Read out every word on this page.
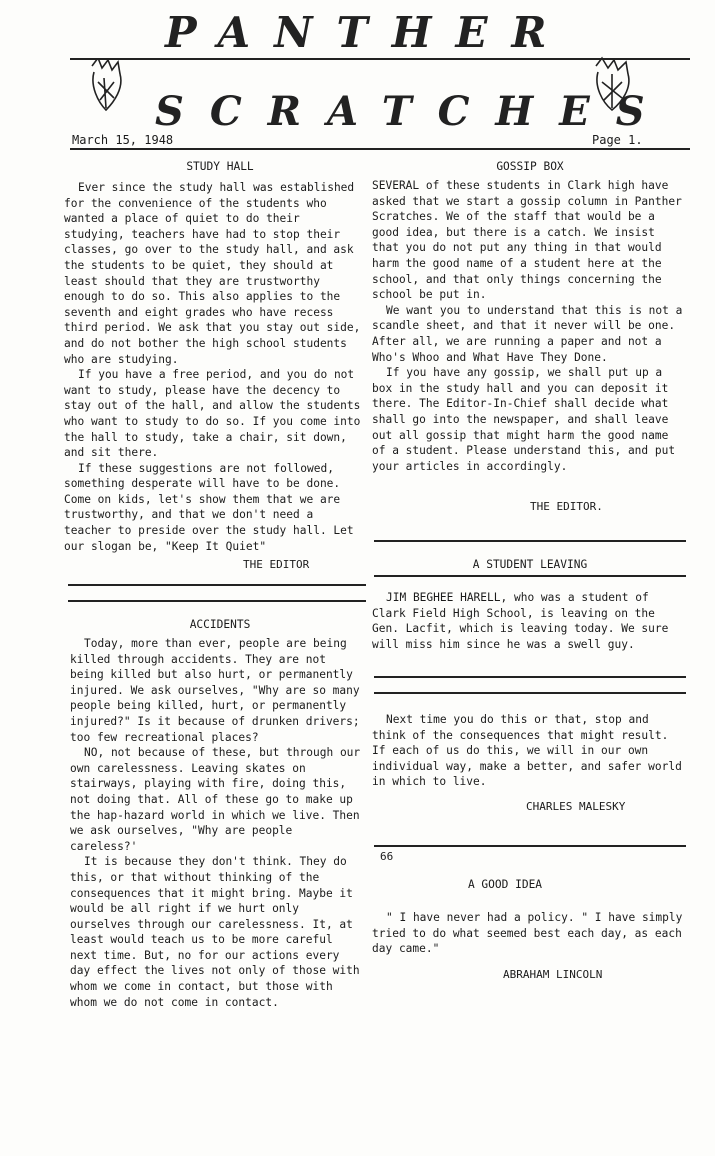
PANTHER
SCRATCHES
March 15, 1948	Page 1.
STUDY HALL

Ever since the study hall was established for the convenience of the students who wanted a place of quiet to do their studying, teachers have had to stop their classes, go over to the study hall, and ask the students to be quiet, they should at least should that they are trustworthy enough to do so. This also applies to the seventh and eight grades who have recess third period. We ask that you stay out side, and do not bother the high school students who are studying.

If you have a free period, and you do not want to study, please have the decency to stay out of the hall, and allow the students who want to study to do so. If you come into the hall to study, take a chair, sit down, and sit there.

If these suggestions are not followed, something desperate will have to be done. Come on kids, let's show them that we are trustworthy, and that we don't need a teacher to preside over the study hall. Let our slogan be, "Keep It Quiet"

THE EDITOR
ACCIDENTS

Today, more than ever, people are being killed through accidents. They are not being killed but also hurt, or permanently injured. We ask ourselves, "Why are so many people being killed, hurt, or permanently injured?" Is it because of drunken drivers; too few recreational places?

NO, not because of these, but through our own carelessness. Leaving skates on stairways, playing with fire, doing this, not doing that. All of these go to make up the hap-hazard world in which we live. Then we ask ourselves, "Why are people careless?'

It is because they don't think. They do this, or that without thinking of the consequences that it might bring. Maybe it would be all right if we hurt only ourselves through our carelessness. It, at least would teach us to be more careful next time. But, no for our actions every day effect the lives not only of those with whom we come in contact, but those with whom we do not come in contact.

GOSSIP BOX

SEVERAL of these students in Clark high have asked that we start a gossip column in Panther Scratches. We of the staff that would be a good idea, but there is a catch. We insist that you do not put any thing in that would harm the good name of a student here at the school, and that only things concerning the school be put in.

We want you to understand that this is not a scandle sheet, and that it never will be one. After all, we are running a paper and not a Who's Whoo and What Have They Done.

If you have any gossip, we shall put up a box in the study hall and you can deposit it there. The Editor-In-Chief shall decide what shall go into the newspaper, and shall leave out all gossip that might harm the good name of a student. Please understand this, and put your articles in accordingly.

THE EDITOR.
A STUDENT LEAVING

JIM BEGHEE HARELL, who was a student of Clark Field High School, is leaving on the Gen. Lacfit, which is leaving today. We sure will miss him since he was a swell guy.

Next time you do this or that, stop and think of the consequences that might result. If each of us do this, we will in our own individual way, make a better, and safer world in which to live.

CHARLES MALESKY
66
A GOOD IDEA

" I have never had a policy. " I have simply tried to do what seemed best each day, as each day came."

ABRAHAM LINCOLN
